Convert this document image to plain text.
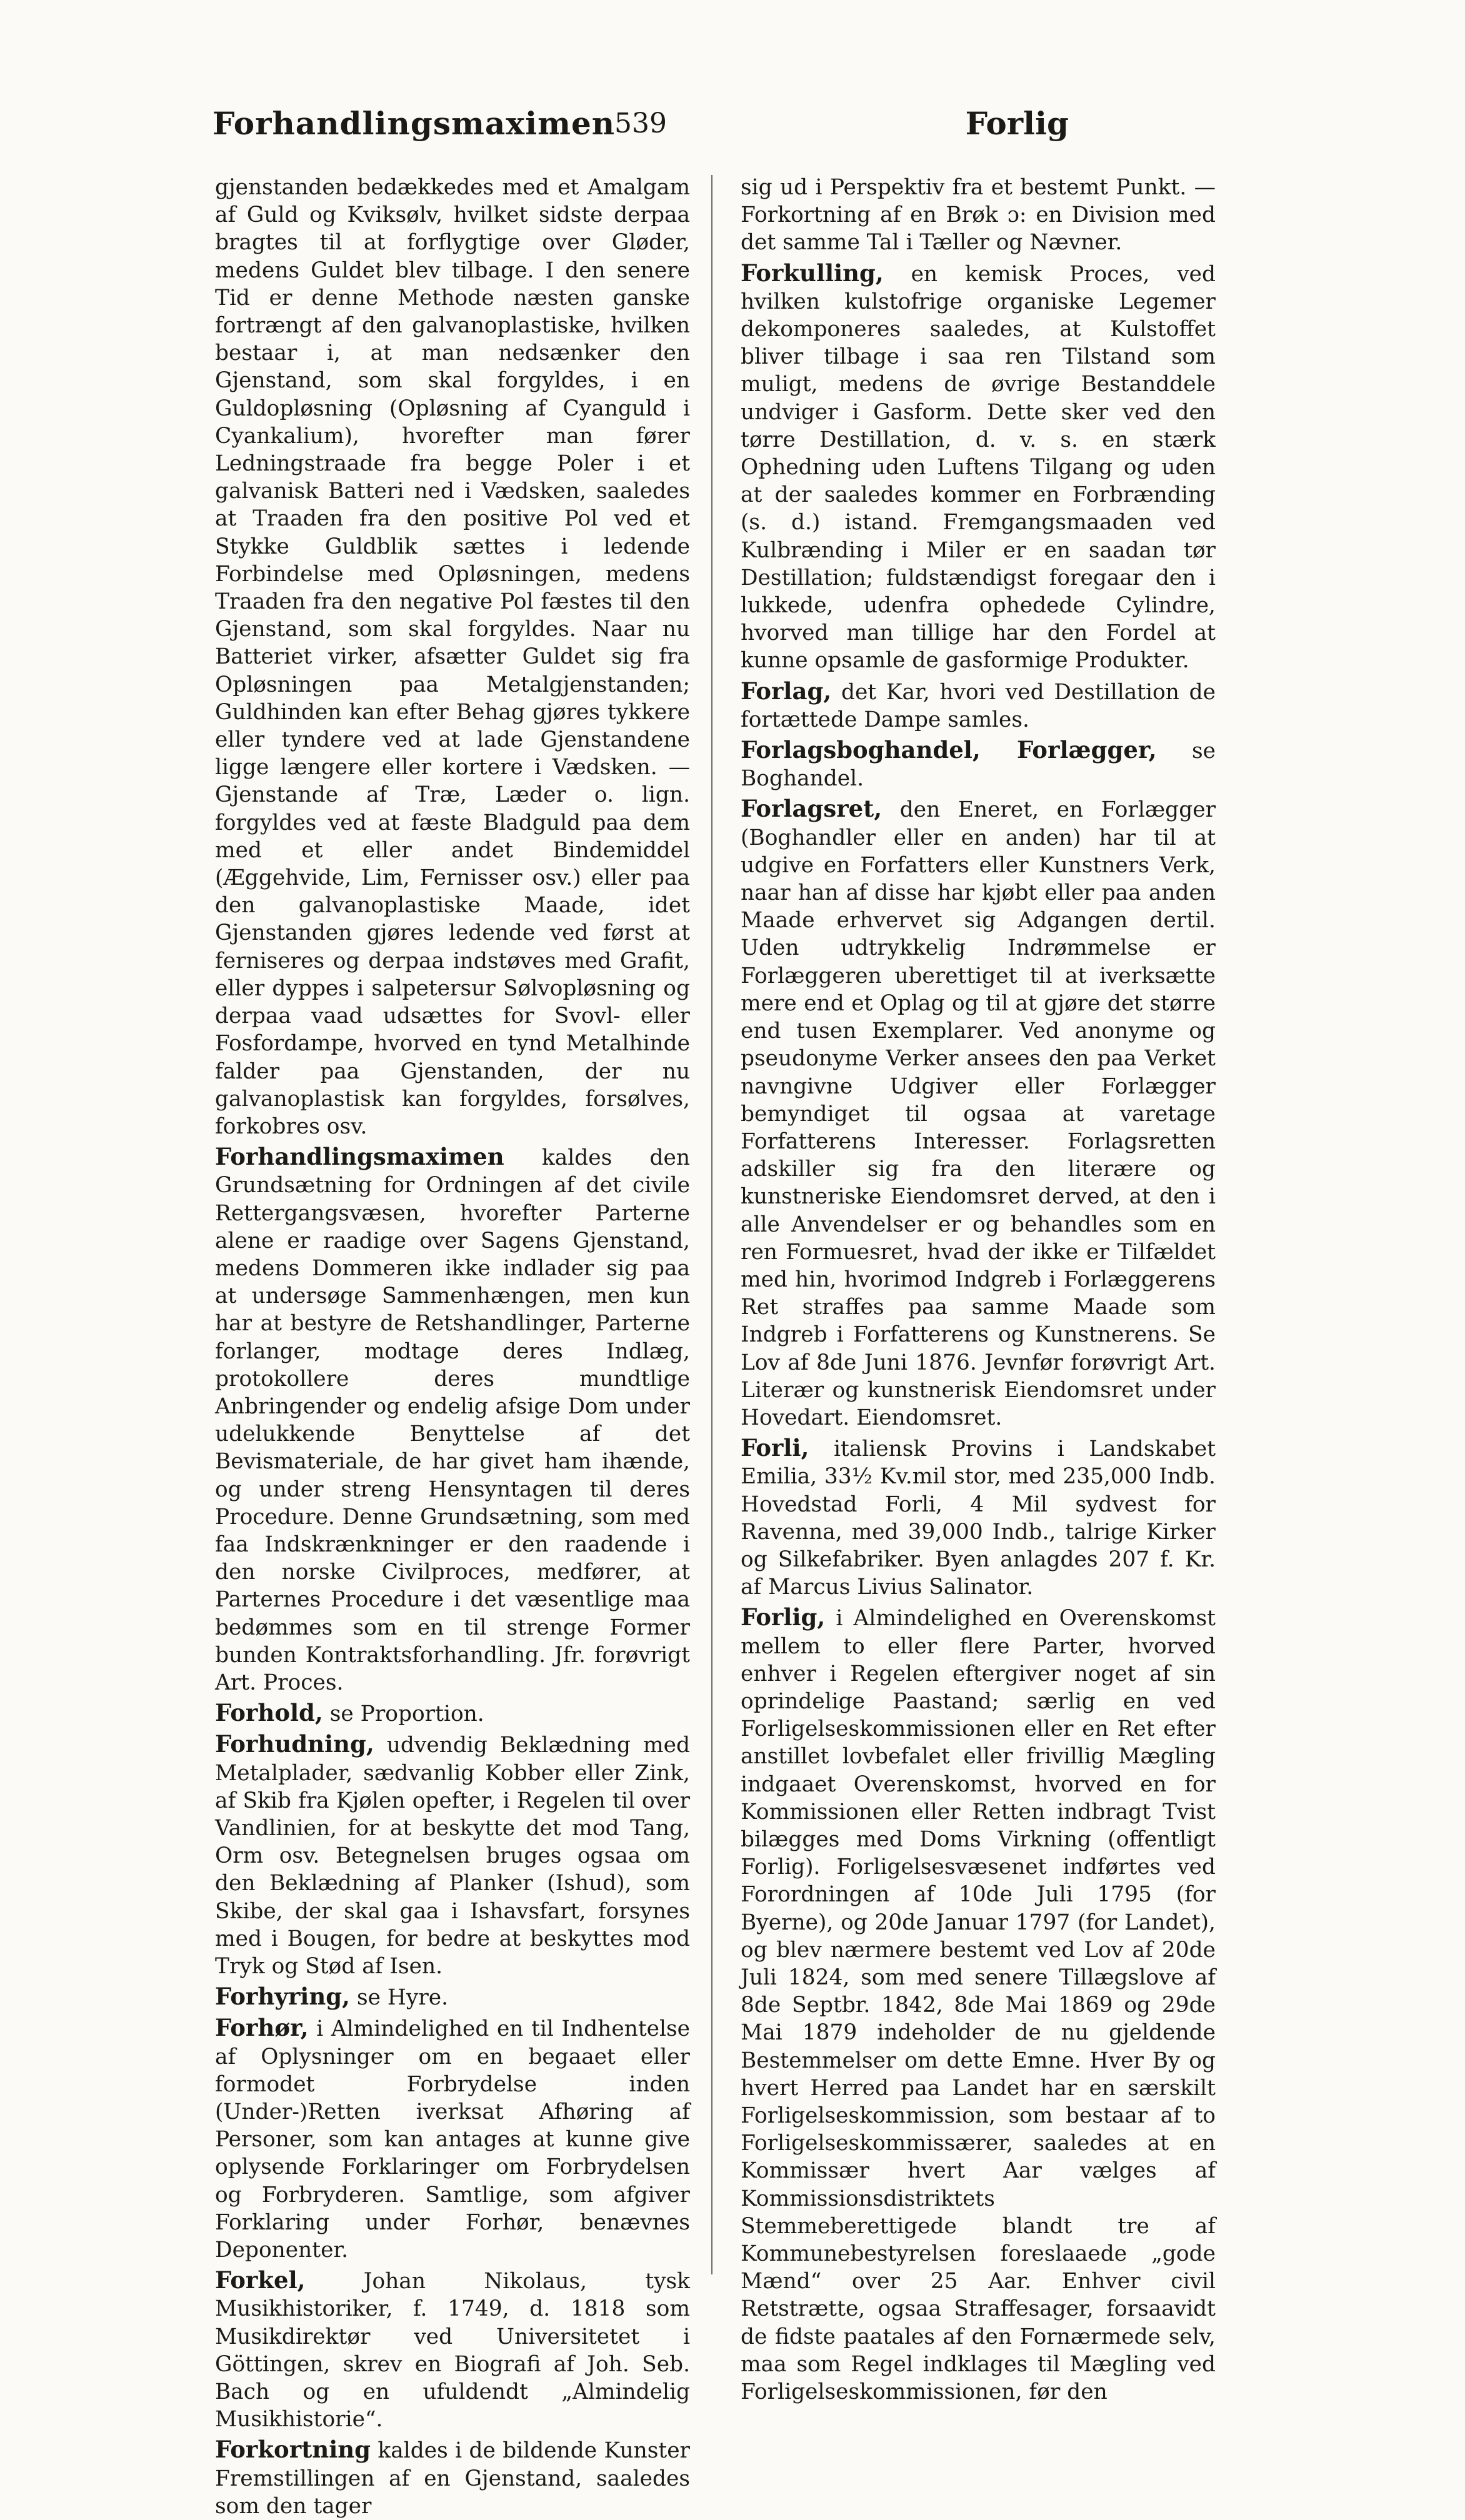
Forhandlingsmaximen
539	Forlig

gjenstanden bedækkedes med et Amalgam af Guld og Kviksølv, hvilket sidste derpaa bragtes til at forflygtige over Gløder, medens Guldet blev tilbage. I den senere Tid er denne Methode næsten ganske fortrængt af den galvanoplastiske, hvilken bestaar i, at man nedsænker den Gjenstand, som skal forgyldes, i en Guldopløsning (Opløsning af Cyanguld i Cyankalium), hvorefter man fører Ledningstraade fra begge Poler i et galvanisk Batteri ned i Vædsken, saaledes at Traaden fra den positive Pol ved et Stykke Guldblik sættes i ledende Forbindelse med Opløsningen, medens Traaden fra den negative Pol fæstes til den Gjenstand, som skal forgyldes. Naar nu Batteriet virker, afsætter Guldet sig fra Opløsningen paa Metalgjenstanden; Guldhinden kan efter Behag gjøres tykkere eller tyndere ved at lade Gjenstandene ligge længere eller kortere i Vædsken. — Gjenstande af Træ, Læder o. lign. forgyldes ved at fæste Bladguld paa dem med et eller andet Bindemiddel (Æggehvide, Lim, Fernisser osv.) eller paa den galvanoplastiske Maade, idet Gjenstanden gjøres ledende ved først at ferniseres og derpaa indstøves med Grafit, eller dyppes i salpetersur Sølvopløsning og derpaa vaad udsættes for Svovl- eller Fosfordampe, hvorved en tynd Metalhinde falder paa Gjenstanden, der nu galvanoplastisk kan forgyldes, forsølves, forkobres osv.

Forhandlingsmaximen kaldes den Grundsætning for Ordningen af det civile Rettergangsvæsen, hvorefter Parterne alene er raadige over Sagens Gjenstand, medens Dommeren ikke indlader sig paa at undersøge Sammenhængen, men kun har at bestyre de Retshandlinger, Parterne forlanger, modtage deres Indlæg, protokollere deres mundtlige Anbringender og endelig afsige Dom under udelukkende Benyttelse af det Bevismateriale, de har givet ham ihænde, og under streng Hensyntagen til deres Procedure. Denne Grundsætning, som med faa Indskrænkninger er den raadende i den norske Civilproces, medfører, at Parternes Procedure i det væsentlige maa bedømmes som en til strenge Former bunden Kontraktsforhandling. Jfr. forøvrigt Art. Proces.

Forhold, se Proportion.

Forhudning, udvendig Beklædning med Metalplader, sædvanlig Kobber eller Zink, af Skib fra Kjølen opefter, i Regelen til over Vandlinien, for at beskytte det mod Tang, Orm osv. Betegnelsen bruges ogsaa om den Beklædning af Planker (Ishud), som Skibe, der skal gaa i Ishavsfart, forsynes med i Bougen, for bedre at beskyttes mod Tryk og Stød af Isen.

Forhyring, se Hyre.

Forhør, i Almindelighed en til Indhentelse af Oplysninger om en begaaet eller formodet Forbrydelse inden (Under-)Retten iverksat Afhøring af Personer, som kan antages at kunne give oplysende Forklaringer om Forbrydelsen og Forbryderen. Samtlige, som afgiver Forklaring under Forhør, benævnes Deponenter.

Forkel,	Johan Nikolaus, tysk Musikhistoriker, f. 1749, d. 1818 som Musikdirektør ved Universitetet i Göttingen, skrev en Biografi af Joh. Seb. Bach og en ufuldendt „Almindelig Musikhistorie“.

Forkortning kaldes i de bildende Kunster Fremstillingen af en Gjenstand, saaledes som den tager

sig ud i Perspektiv fra et bestemt Punkt. — Forkortning af en Brøk ɔ: en Division med det samme Tal i Tæller og Nævner.

Forkulling, en kemisk Proces, ved hvilken kulstofrige organiske Legemer dekomponeres saaledes, at Kulstoffet bliver tilbage i saa ren Tilstand som muligt, medens de øvrige Bestanddele undviger i Gasform. Dette sker ved den tørre Destillation, d. v. s. en stærk Ophedning uden Luftens Tilgang og uden at der saaledes kommer en Forbrænding (s. d.) istand. Fremgangsmaaden ved Kulbrænding i Miler er en saadan tør Destillation; fuldstændigst foregaar den i lukkede, udenfra ophedede Cylindre, hvorved man tillige har den Fordel at kunne opsamle de gasformige Produkter.

Forlag, det Kar, hvori ved Destillation de fortættede Dampe samles.

Forlagsboghandel, Forlægger, se Boghandel.

Forlagsret, den Eneret, en Forlægger (Boghandler eller en anden) har til at udgive en Forfatters eller Kunstners Verk, naar han af disse har kjøbt eller paa anden Maade erhvervet sig Adgangen dertil. Uden udtrykkelig Indrømmelse er Forlæggeren uberettiget til at iverksætte mere end et Oplag og til at gjøre det større end tusen Exemplarer. Ved anonyme og pseudonyme Verker ansees den paa Verket navngivne Udgiver eller Forlægger bemyndiget til ogsaa at varetage Forfatterens Interesser. Forlagsretten adskiller sig fra den literære og kunstneriske Eiendomsret derved, at den i alle Anvendelser er og behandles som en ren Formuesret, hvad der ikke er Tilfældet med hin, hvorimod Indgreb i Forlæggerens Ret straffes paa samme Maade som Indgreb i Forfatterens og Kunstnerens. Se Lov af 8de Juni 1876. Jevnfør forøvrigt Art. Literær og kunstnerisk Eiendomsret under Hovedart. Eiendomsret.

Forli, italiensk Provins i Landskabet Emilia, 33½ Kv.mil stor, med 235,000 Indb. Hovedstad Forli, 4 Mil sydvest for Ravenna, med 39,000 Indb., talrige Kirker og Silkefabriker. Byen anlagdes 207 f. Kr. af Marcus Livius Salinator.

Forlig, i Almindelighed en Overenskomst mellem to eller flere Parter, hvorved enhver i Regelen eftergiver noget af sin oprindelige Paastand; særlig en ved Forligelseskommissionen eller en Ret efter anstillet lovbefalet eller frivillig Mægling indgaaet Overenskomst, hvorved en for Kommissionen eller Retten indbragt Tvist bilægges med Doms Virkning (offentligt Forlig). Forligelsesvæsenet indførtes ved Forordningen af 10de Juli 1795 (for Byerne), og 20de Januar 1797 (for Landet), og blev nærmere bestemt ved Lov af 20de Juli 1824, som med senere Tillægslove af 8de Septbr. 1842, 8de Mai 1869 og 29de Mai 1879 indeholder de nu gjeldende Bestemmelser om dette Emne. Hver By og hvert Herred paa Landet har en særskilt Forligelseskommission, som bestaar af to Forligelseskommissærer, saaledes at en Kommissær hvert Aar vælges af Kommissionsdistriktets Stemmeberettigede blandt tre af Kommunebestyrelsen foreslaaede „gode Mænd“ over 25 Aar. Enhver civil Retstrætte, ogsaa Straffesager, forsaavidt de fidste paatales af den Fornærmede selv, maa som Regel indklages til Mægling ved Forligelseskommissionen, før den
